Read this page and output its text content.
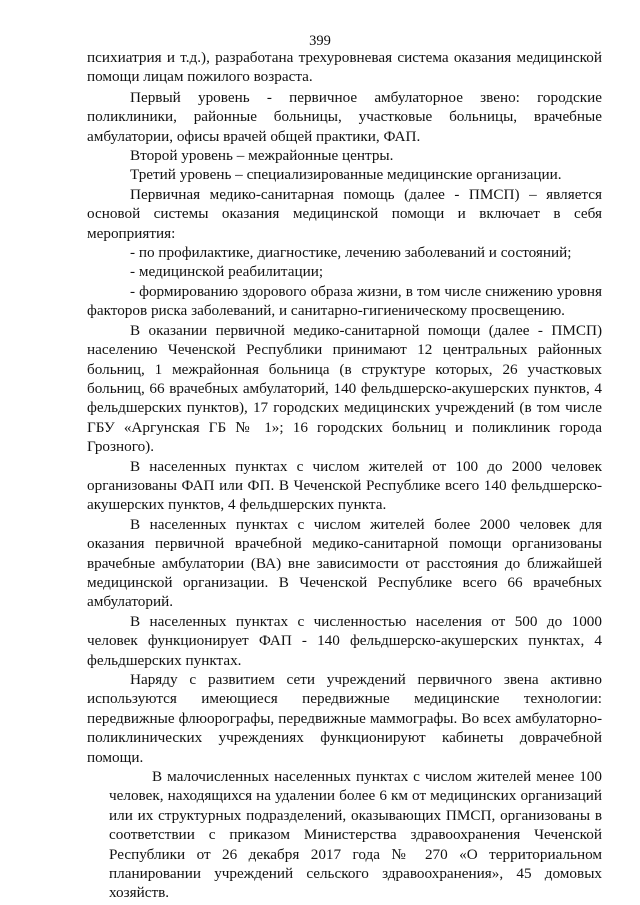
399

психиатрия и т.д.), разработана трехуровневая система оказания медицинской помощи лицам пожилого возраста.

Первый уровень - первичное амбулаторное звено: городские поликлиники, районные больницы, участковые больницы, врачебные амбулатории, офисы врачей общей практики, ФАП.

Второй уровень – межрайонные центры.

Третий уровень – специализированные медицинские организации.

Первичная медико-санитарная помощь (далее - ПМСП) – является основой системы оказания медицинской помощи и включает в себя мероприятия:

- по профилактике, диагностике, лечению заболеваний и состояний;

- медицинской реабилитации;

- формированию здорового образа жизни, в том числе снижению уровня факторов риска заболеваний, и санитарно-гигиеническому просвещению.

В оказании первичной медико-санитарной помощи (далее - ПМСП) населению Чеченской Республики принимают 12 центральных районных больниц, 1 межрайонная больница (в структуре которых, 26 участковых больниц, 66 врачебных амбулаторий, 140 фельдшерско-акушерских пунктов, 4 фельдшерских пунктов), 17 городских медицинских учреждений (в том числе ГБУ «Аргунская ГБ № 1»; 16 городских больниц и поликлиник города Грозного).

В населенных пунктах с числом жителей от 100 до 2000 человек организованы ФАП или ФП. В Чеченской Республике всего 140 фельдшерско-акушерских пунктов, 4 фельдшерских пункта.

В населенных пунктах с числом жителей более 2000 человек для оказания первичной врачебной медико-санитарной помощи организованы врачебные амбулатории (ВА) вне зависимости от расстояния до ближайшей медицинской организации. В Чеченской Республике всего 66 врачебных амбулаторий.

В населенных пунктах с численностью населения от 500 до 1000 человек функционирует ФАП - 140 фельдшерско-акушерских пунктах, 4 фельдшерских пунктах.

Наряду с развитием сети учреждений первичного звена активно используются имеющиеся передвижные медицинские технологии: передвижные флюорографы, передвижные маммографы. Во всех амбулаторно-поликлинических учреждениях функционируют кабинеты доврачебной помощи.

В малочисленных населенных пунктах с числом жителей менее 100 человек, находящихся на удалении более 6 км от медицинских организаций или их структурных подразделений, оказывающих ПМСП, организованы в соответствии с приказом Министерства здравоохранения Чеченской Республики от 26 декабря 2017 года № 270 «О территориальном планировании учреждений сельского здравоохранения», 45 домовых хозяйств.
